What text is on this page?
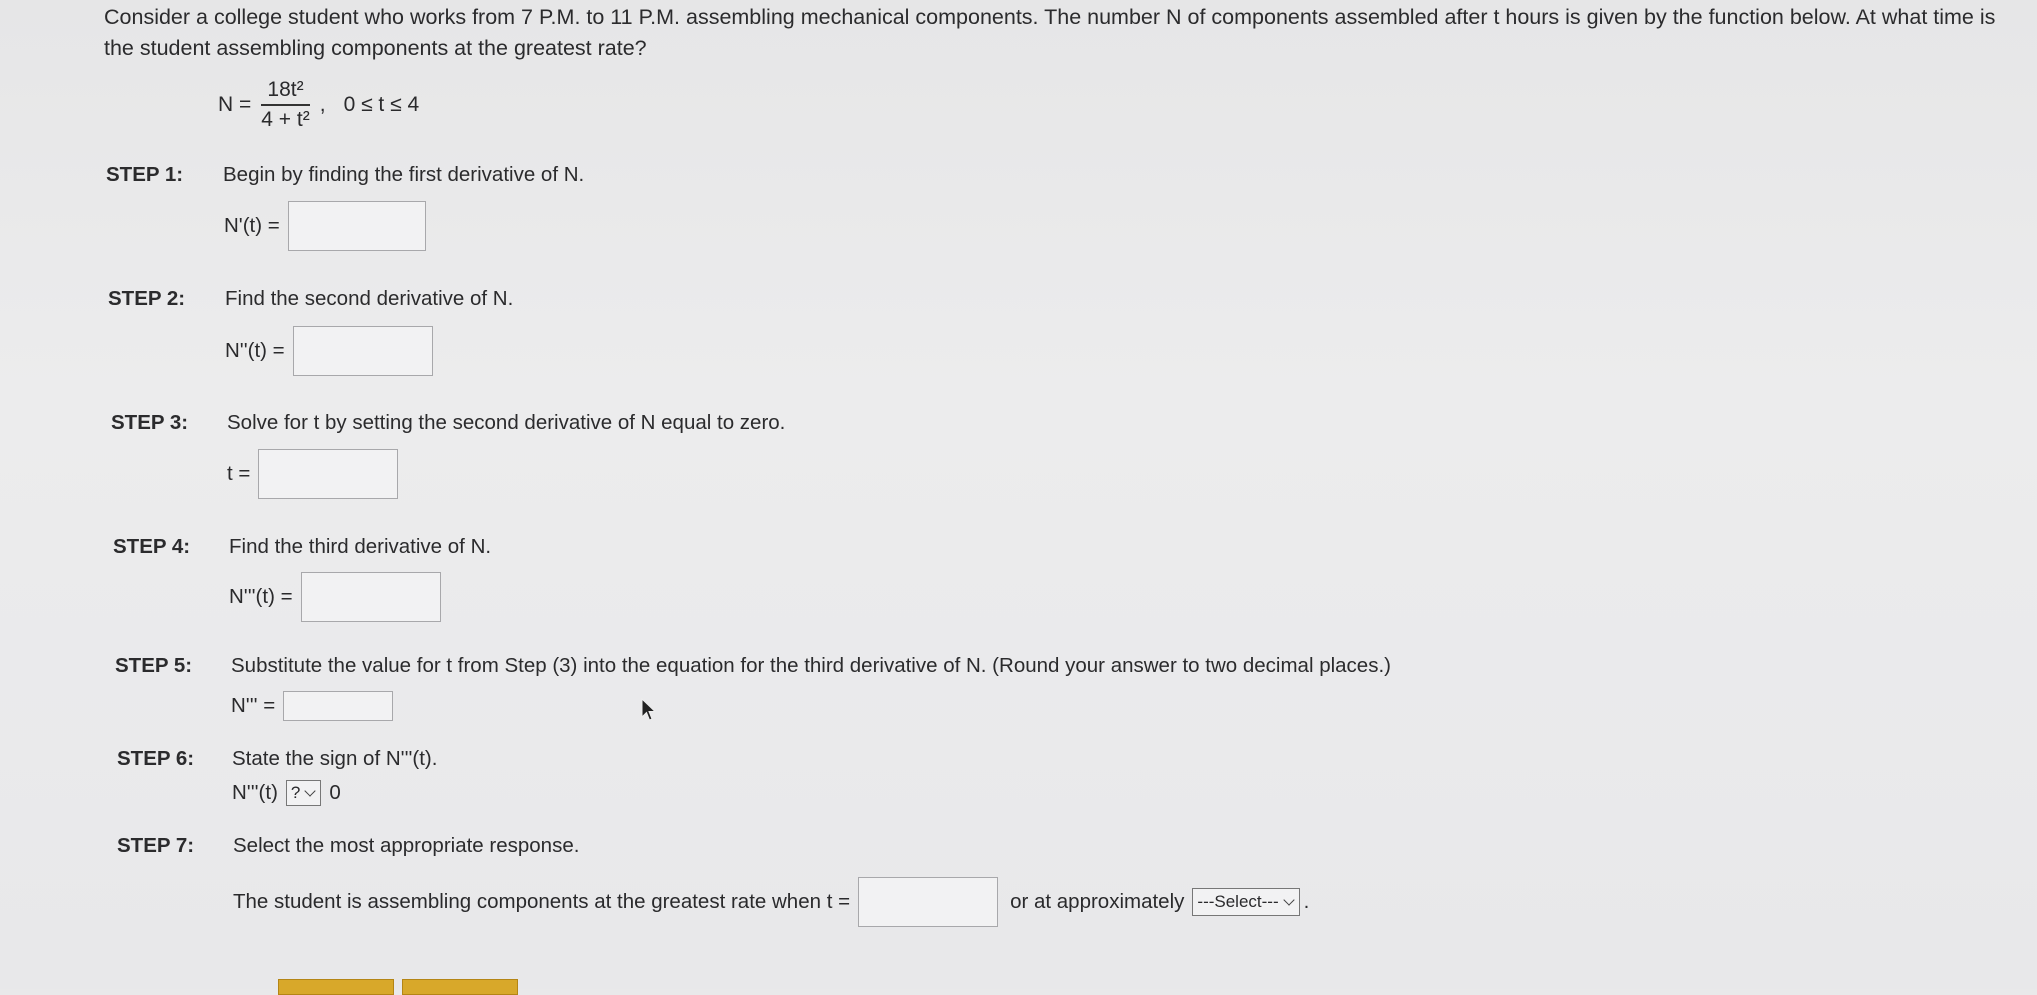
Consider a college student who works from 7 P.M. to 11 P.M. assembling mechanical components. The number N of components assembled after t hours is given by the function below. At what time is the student assembling components at the greatest rate?
$N = \frac{\text{18t²}}{\text{4 + t²}}$ , 0 ≤ t ≤ 4
STEP 1: Begin by finding the first derivative of N.
N'(t) =
STEP 2: Find the second derivative of N.
N''(t) =
STEP 3: Solve for t by setting the second derivative of N equal to zero.
t =
STEP 4: Find the third derivative of N.
N'''(t) =
STEP 5: Substitute the value for t from Step (3) into the equation for the third derivative of N. (Round your answer to two decimal places.)
N''' =
STEP 6: State the sign of N'''(t).
N'''(t) ? 0
STEP 7: Select the most appropriate response.
The student is assembling components at the greatest rate when t =	or at approximately ---Select--- .
